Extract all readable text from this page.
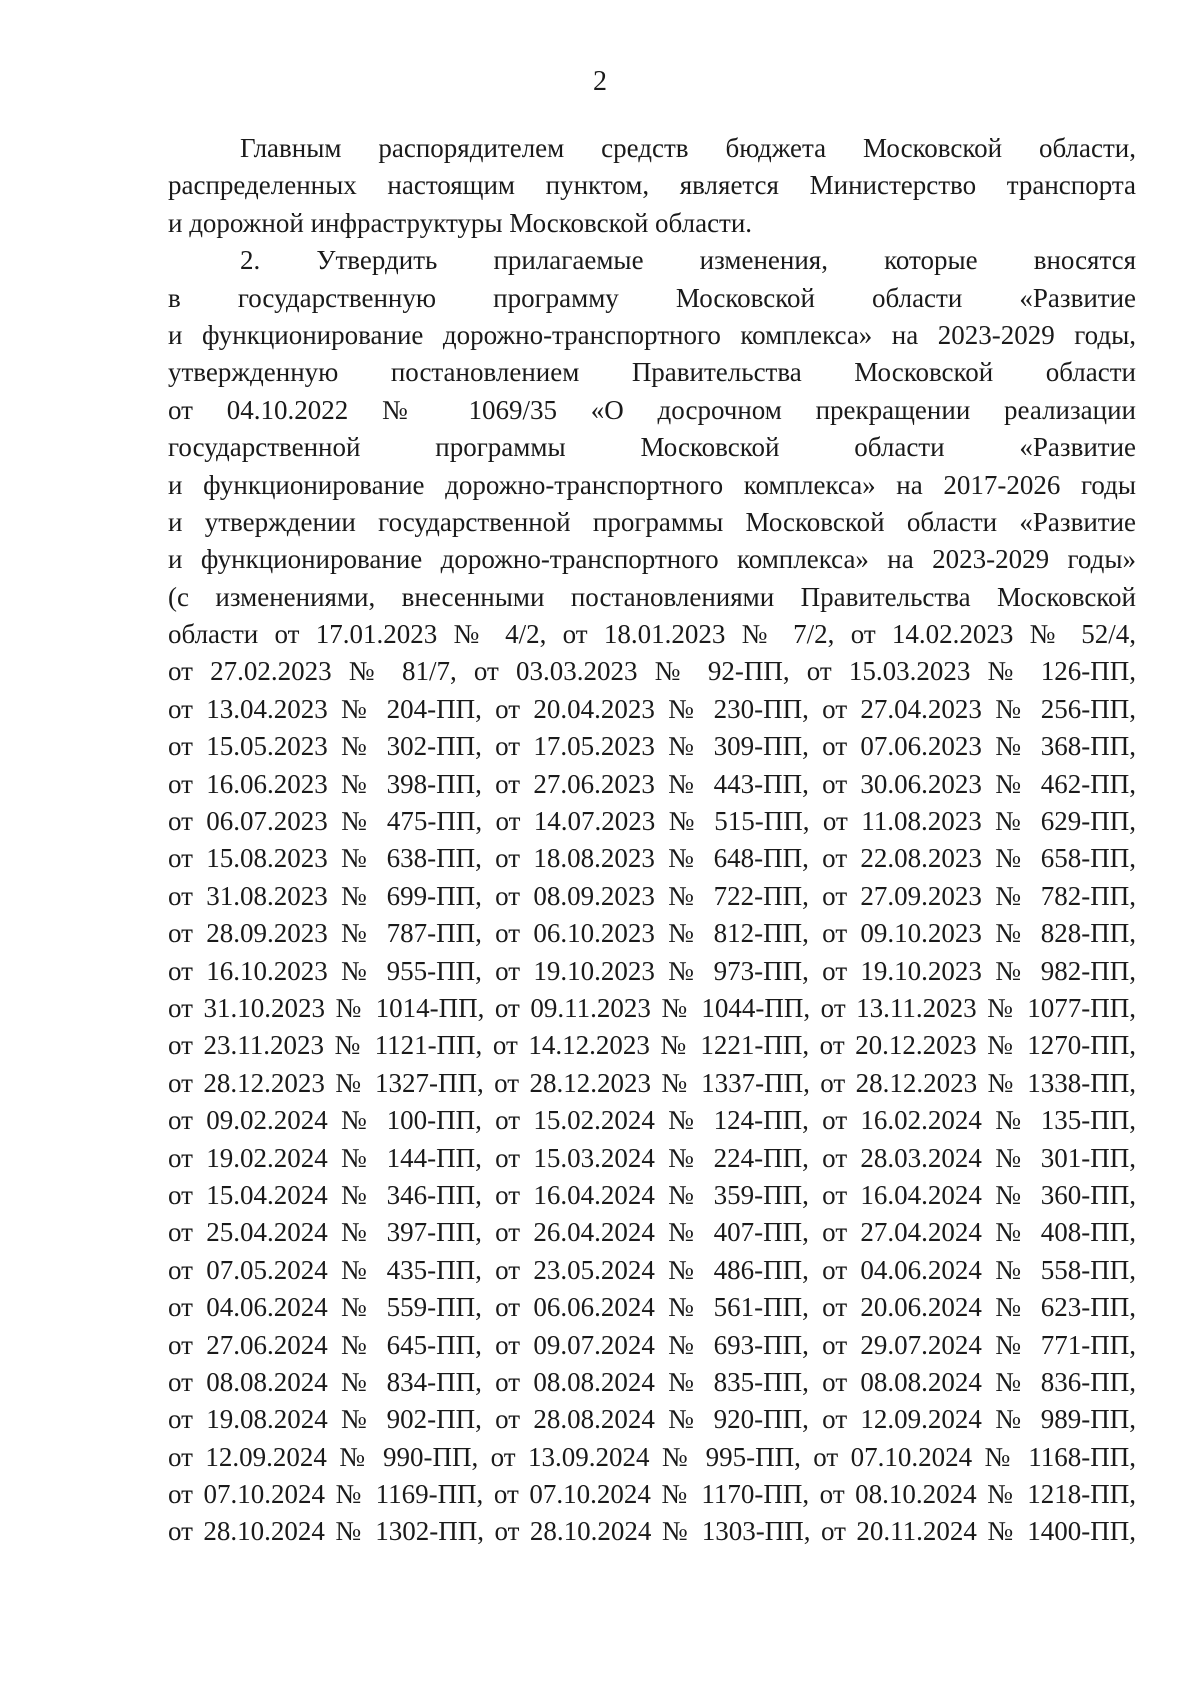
2
Главным распорядителем средств бюджета Московской области,
распределенных настоящим пунктом, является Министерство транспорта
и дорожной инфраструктуры Московской области.
2. Утвердить прилагаемые изменения, которые вносятся
в государственную программу Московской области «Развитие
и функционирование дорожно-транспортного комплекса» на 2023-2029 годы,
утвержденную постановлением Правительства Московской области
от 04.10.2022 № 1069/35 «О досрочном прекращении реализации
государственной программы Московской области «Развитие
и функционирование дорожно-транспортного комплекса» на 2017-2026 годы
и утверждении государственной программы Московской области «Развитие
и функционирование дорожно-транспортного комплекса» на 2023-2029 годы»
(с изменениями, внесенными постановлениями Правительства Московской
области от 17.01.2023 № 4/2, от 18.01.2023 № 7/2, от 14.02.2023 № 52/4,
от 27.02.2023 № 81/7, от 03.03.2023 № 92-ПП, от 15.03.2023 № 126-ПП,
от 13.04.2023 № 204-ПП, от 20.04.2023 № 230-ПП, от 27.04.2023 № 256-ПП,
от 15.05.2023 № 302-ПП, от 17.05.2023 № 309-ПП, от 07.06.2023 № 368-ПП,
от 16.06.2023 № 398-ПП, от 27.06.2023 № 443-ПП, от 30.06.2023 № 462-ПП,
от 06.07.2023 № 475-ПП, от 14.07.2023 № 515-ПП, от 11.08.2023 № 629-ПП,
от 15.08.2023 № 638-ПП, от 18.08.2023 № 648-ПП, от 22.08.2023 № 658-ПП,
от 31.08.2023 № 699-ПП, от 08.09.2023 № 722-ПП, от 27.09.2023 № 782-ПП,
от 28.09.2023 № 787-ПП, от 06.10.2023 № 812-ПП, от 09.10.2023 № 828-ПП,
от 16.10.2023 № 955-ПП, от 19.10.2023 № 973-ПП, от 19.10.2023 № 982-ПП,
от 31.10.2023 № 1014-ПП, от 09.11.2023 № 1044-ПП, от 13.11.2023 № 1077-ПП,
от 23.11.2023 № 1121-ПП, от 14.12.2023 № 1221-ПП, от 20.12.2023 № 1270-ПП,
от 28.12.2023 № 1327-ПП, от 28.12.2023 № 1337-ПП, от 28.12.2023 № 1338-ПП,
от 09.02.2024 № 100-ПП, от 15.02.2024 № 124-ПП, от 16.02.2024 № 135-ПП,
от 19.02.2024 № 144-ПП, от 15.03.2024 № 224-ПП, от 28.03.2024 № 301-ПП,
от 15.04.2024 № 346-ПП, от 16.04.2024 № 359-ПП, от 16.04.2024 № 360-ПП,
от 25.04.2024 № 397-ПП, от 26.04.2024 № 407-ПП, от 27.04.2024 № 408-ПП,
от 07.05.2024 № 435-ПП, от 23.05.2024 № 486-ПП, от 04.06.2024 № 558-ПП,
от 04.06.2024 № 559-ПП, от 06.06.2024 № 561-ПП, от 20.06.2024 № 623-ПП,
от 27.06.2024 № 645-ПП, от 09.07.2024 № 693-ПП, от 29.07.2024 № 771-ПП,
от 08.08.2024 № 834-ПП, от 08.08.2024 № 835-ПП, от 08.08.2024 № 836-ПП,
от 19.08.2024 № 902-ПП, от 28.08.2024 № 920-ПП, от 12.09.2024 № 989-ПП,
от 12.09.2024 № 990-ПП, от 13.09.2024 № 995-ПП, от 07.10.2024 № 1168-ПП,
от 07.10.2024 № 1169-ПП, от 07.10.2024 № 1170-ПП, от 08.10.2024 № 1218-ПП,
от 28.10.2024 № 1302-ПП, от 28.10.2024 № 1303-ПП, от 20.11.2024 № 1400-ПП,
